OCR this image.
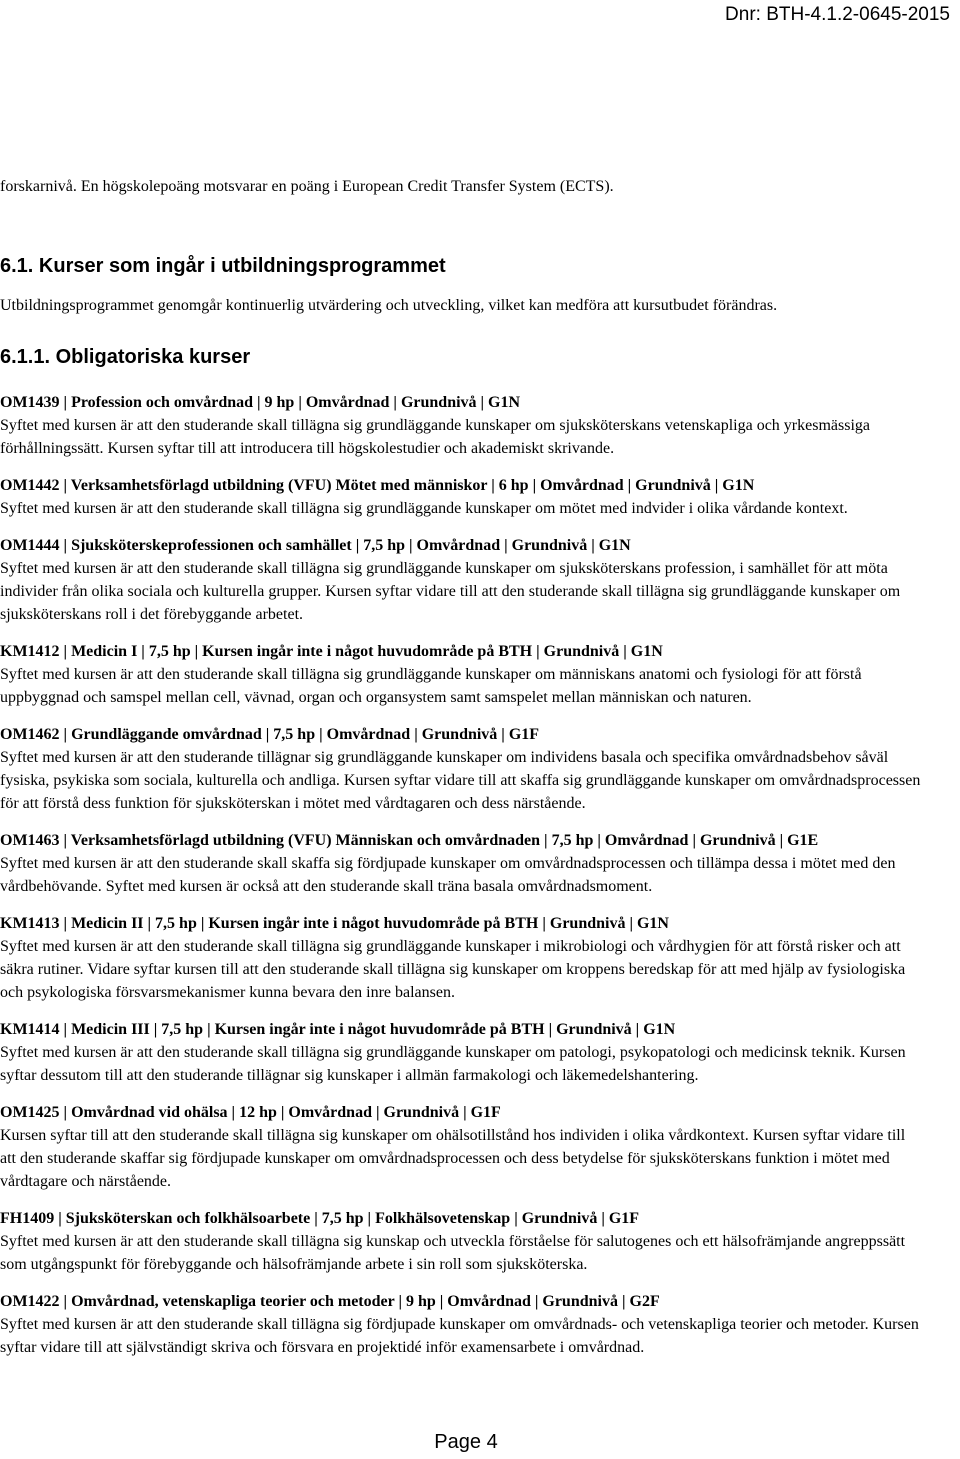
Dnr: BTH-4.1.2-0645-2015

forskarnivå. En högskolepoäng motsvarar en poäng i European Credit Transfer System (ECTS).

6.1. Kurser som ingår i utbildningsprogrammet

Utbildningsprogrammet genomgår kontinuerlig utvärdering och utveckling, vilket kan medföra att kursutbudet förändras.

6.1.1. Obligatoriska kurser

OM1439 | Profession och omvårdnad | 9 hp | Omvårdnad | Grundnivå | G1N

Syftet med kursen är att den studerande skall tillägna sig grundläggande kunskaper om sjuksköterskans vetenskapliga och yrkesmässiga förhållningssätt. Kursen syftar till att introducera till högskolestudier och akademiskt skrivande.

OM1442 | Verksamhetsförlagd utbildning (VFU) Mötet med människor | 6 hp | Omvårdnad | Grundnivå | G1N

Syftet med kursen är att den studerande skall tillägna sig grundläggande kunskaper om mötet med indvider i olika vårdande kontext.

OM1444 | Sjuksköterskeprofessionen och samhället | 7,5 hp | Omvårdnad | Grundnivå | G1N

Syftet med kursen är att den studerande skall tillägna sig grundläggande kunskaper om sjuksköterskans profession, i samhället för att möta individer från olika sociala och kulturella grupper. Kursen syftar vidare till att den studerande skall tillägna sig grundläggande kunskaper om sjuksköterskans roll i det förebyggande arbetet.

KM1412 | Medicin I | 7,5 hp | Kursen ingår inte i något huvudområde på BTH | Grundnivå | G1N

Syftet med kursen är att den studerande skall tillägna sig grundläggande kunskaper om människans anatomi och fysiologi för att förstå uppbyggnad och samspel mellan cell, vävnad, organ och organsystem samt samspelet mellan människan och naturen.

OM1462 | Grundläggande omvårdnad | 7,5 hp | Omvårdnad | Grundnivå | G1F

Syftet med kursen är att den studerande tillägnar sig grundläggande kunskaper om individens basala och specifika omvårdnadsbehov såväl fysiska, psykiska som sociala, kulturella och andliga. Kursen syftar vidare till att skaffa sig grundläggande kunskaper om omvårdnadsprocessen för att förstå dess funktion för sjuksköterskan i mötet med vårdtagaren och dess närstående.

OM1463 | Verksamhetsförlagd utbildning (VFU) Människan och omvårdnaden | 7,5 hp | Omvårdnad | Grundnivå | G1E

Syftet med kursen är att den studerande skall skaffa sig fördjupade kunskaper om omvårdnadsprocessen och tillämpa dessa i mötet med den vårdbehövande. Syftet med kursen är också att den studerande skall träna basala omvårdnadsmoment.

KM1413 | Medicin II | 7,5 hp | Kursen ingår inte i något huvudområde på BTH | Grundnivå | G1N

Syftet med kursen är att den studerande skall tillägna sig grundläggande kunskaper i mikrobiologi och vårdhygien för att förstå risker och att säkra rutiner. Vidare syftar kursen till att den studerande skall tillägna sig kunskaper om kroppens beredskap för att med hjälp av fysiologiska och psykologiska försvarsmekanismer kunna bevara den inre balansen.

KM1414 | Medicin III | 7,5 hp | Kursen ingår inte i något huvudområde på BTH | Grundnivå | G1N

Syftet med kursen är att den studerande skall tillägna sig grundläggande kunskaper om patologi, psykopatologi och medicinsk teknik. Kursen syftar dessutom till att den studerande tillägnar sig kunskaper i allmän farmakologi och läkemedelshantering.

OM1425 | Omvårdnad vid ohälsa | 12 hp | Omvårdnad | Grundnivå | G1F

Kursen syftar till att den studerande skall tillägna sig kunskaper om ohälsotillstånd hos individen i olika vårdkontext. Kursen syftar vidare till att den studerande skaffar sig fördjupade kunskaper om omvårdnadsprocessen och dess betydelse för sjuksköterskans funktion i mötet med vårdtagare och närstående.

FH1409 | Sjuksköterskan och folkhälsoarbete | 7,5 hp | Folkhälsovetenskap | Grundnivå | G1F

Syftet med kursen är att den studerande skall tillägna sig kunskap och utveckla förståelse för salutogenes och ett hälsofrämjande angreppssätt som utgångspunkt för förebyggande och hälsofrämjande arbete i sin roll som sjuksköterska.

OM1422 | Omvårdnad, vetenskapliga teorier och metoder | 9 hp | Omvårdnad | Grundnivå | G2F

Syftet med kursen är att den studerande skall tillägna sig fördjupade kunskaper om omvårdnads- och vetenskapliga teorier och metoder. Kursen syftar vidare till att självständigt skriva och försvara en projektidé inför examensarbete i omvårdnad.

Page 4
